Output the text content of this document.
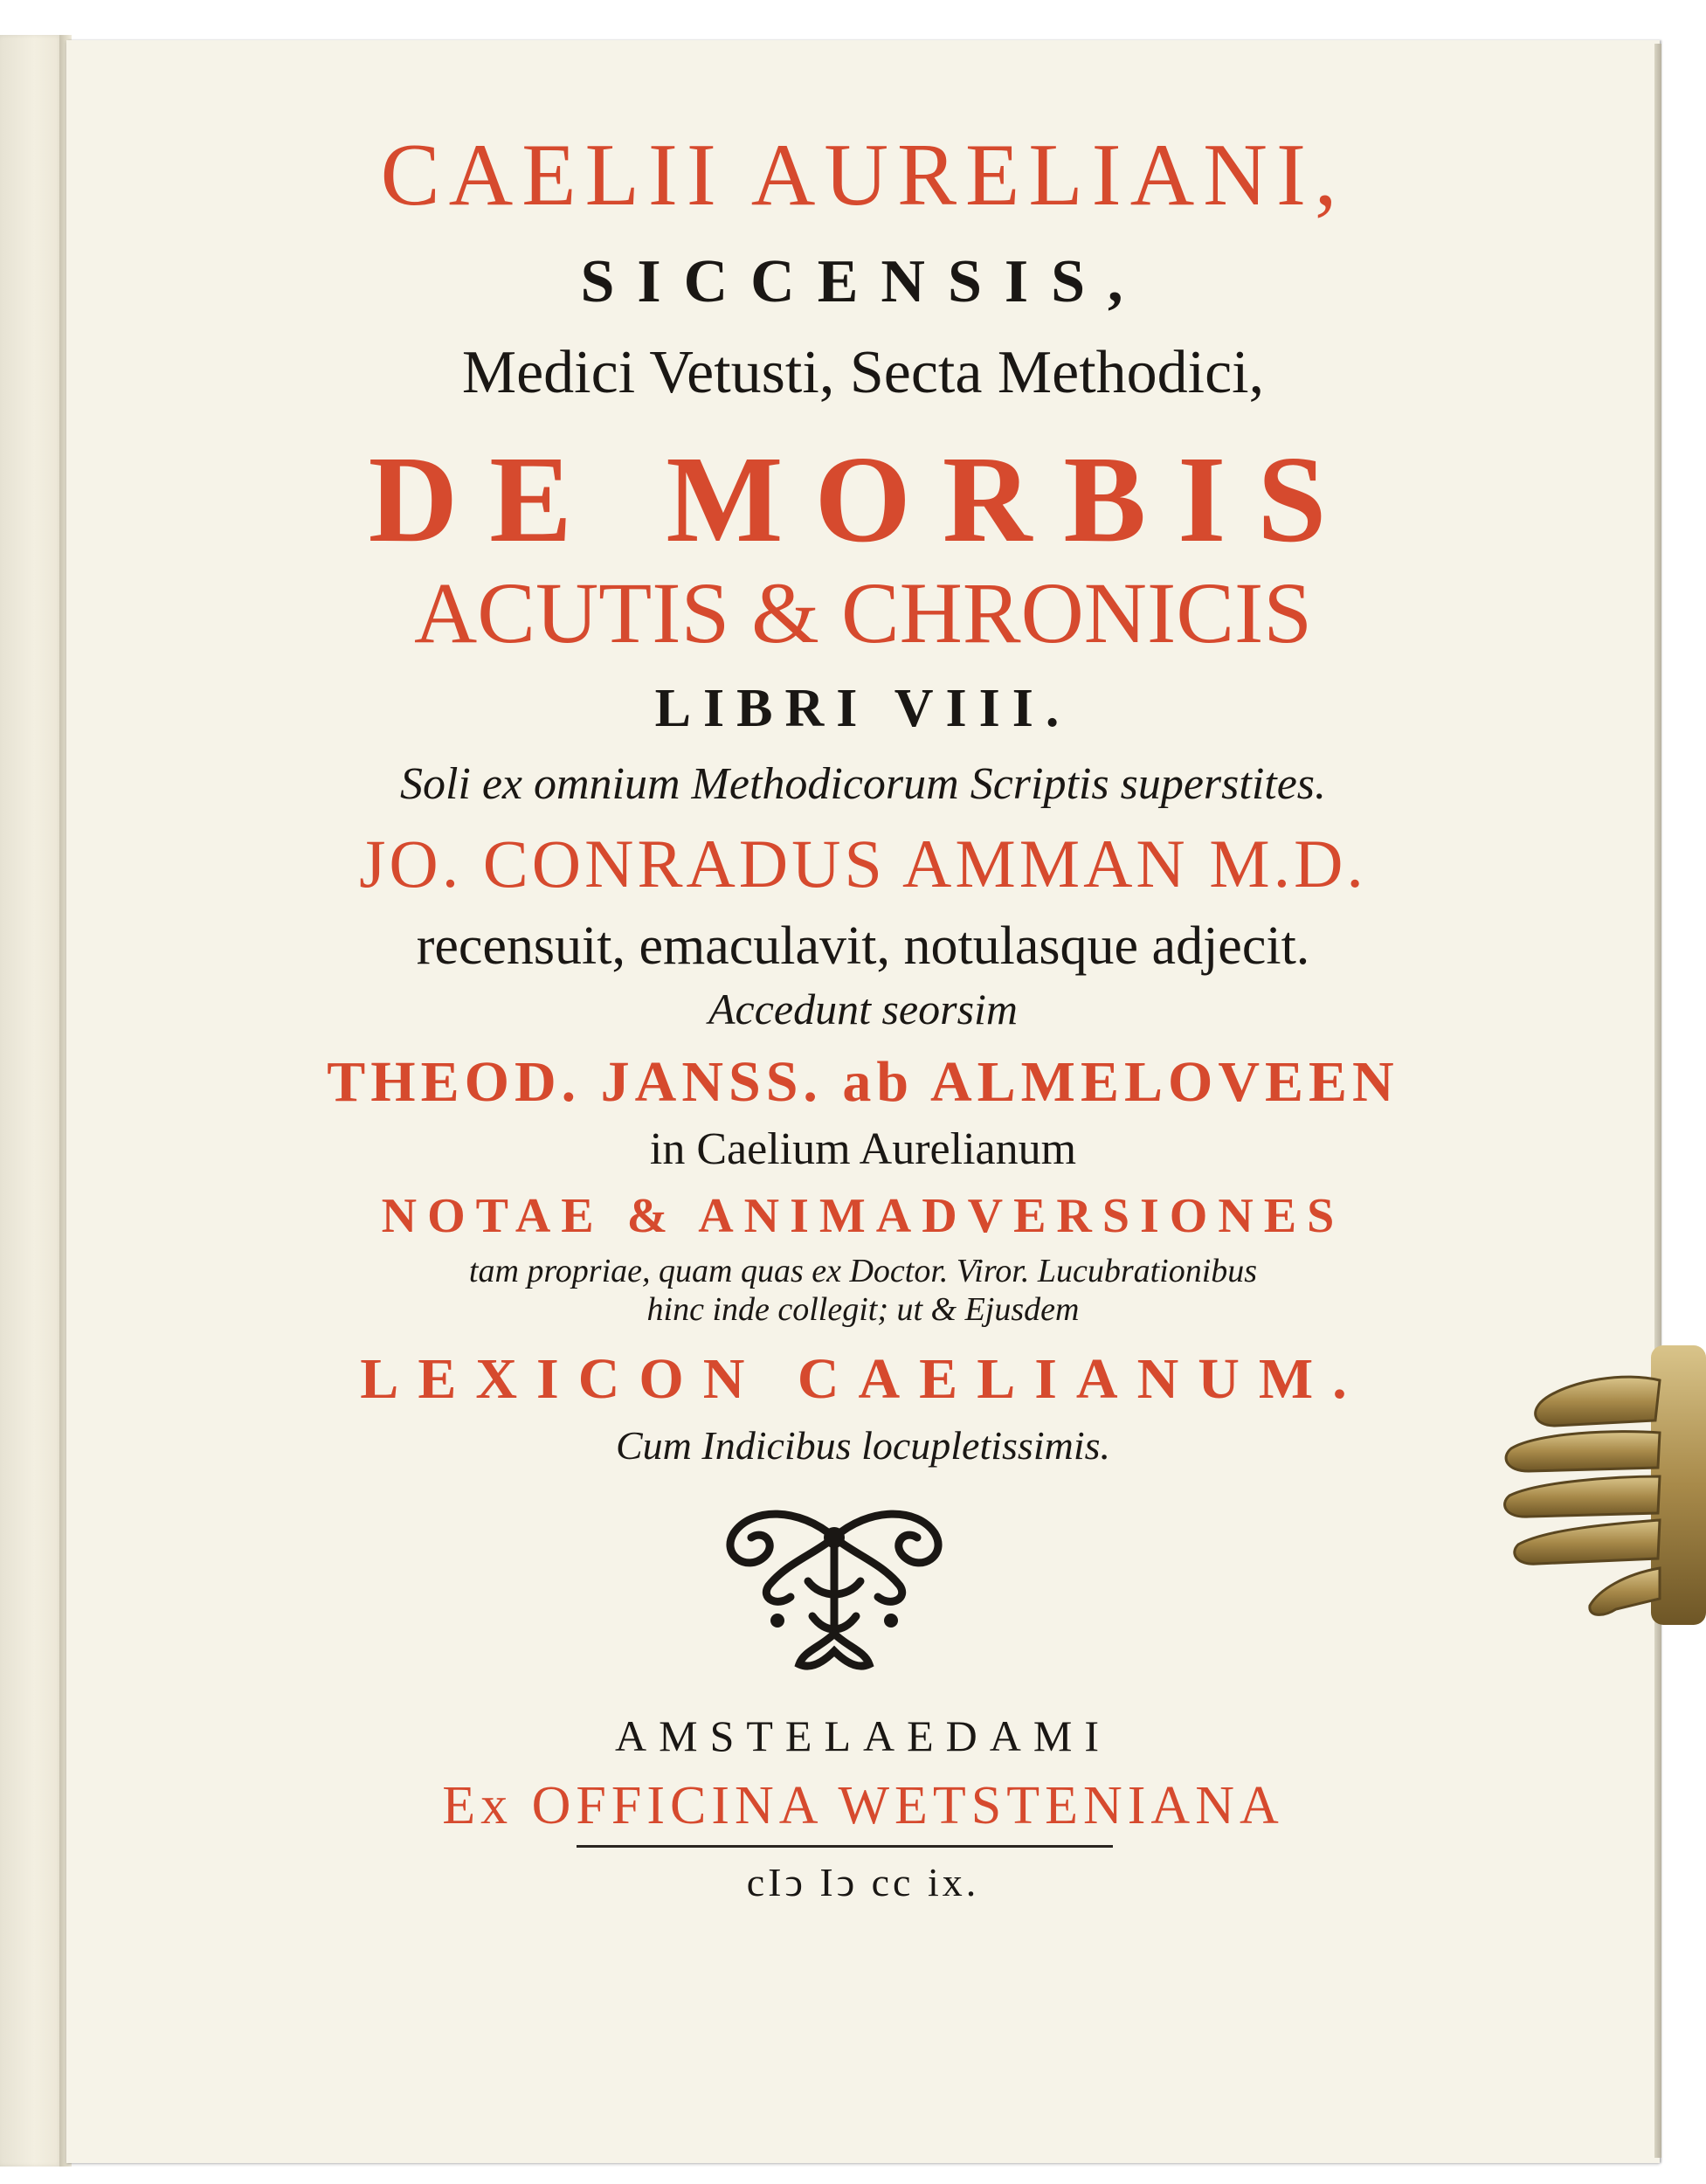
CAELII AURELIANI,
SICCENSIS,
Medici Vetusti, Secta Methodici,
DE MORBIS
ACUTIS & CHRONICIS
LIBRI VIII.
Soli ex omnium Methodicorum Scriptis superstites.
JO. CONRADUS AMMAN M.D.
recensuit, emaculavit, notulasque adjecit.
Accedunt seorsim
THEOD. JANSS. ab ALMELOVEEN
in Caelium Aurelianum
NOTAE & ANIMADVERSIONES
tam propriae, quam quas ex Doctor. Viror. Lucubrationibus
hinc inde collegit; ut & Ejusdem
LEXICON CAELIANUM.
Cum Indicibus locupletissimis.
AMSTELAEDAMI
Ex OFFICINA WETSTENIANA
cIↄ Iↄ cc ix.
